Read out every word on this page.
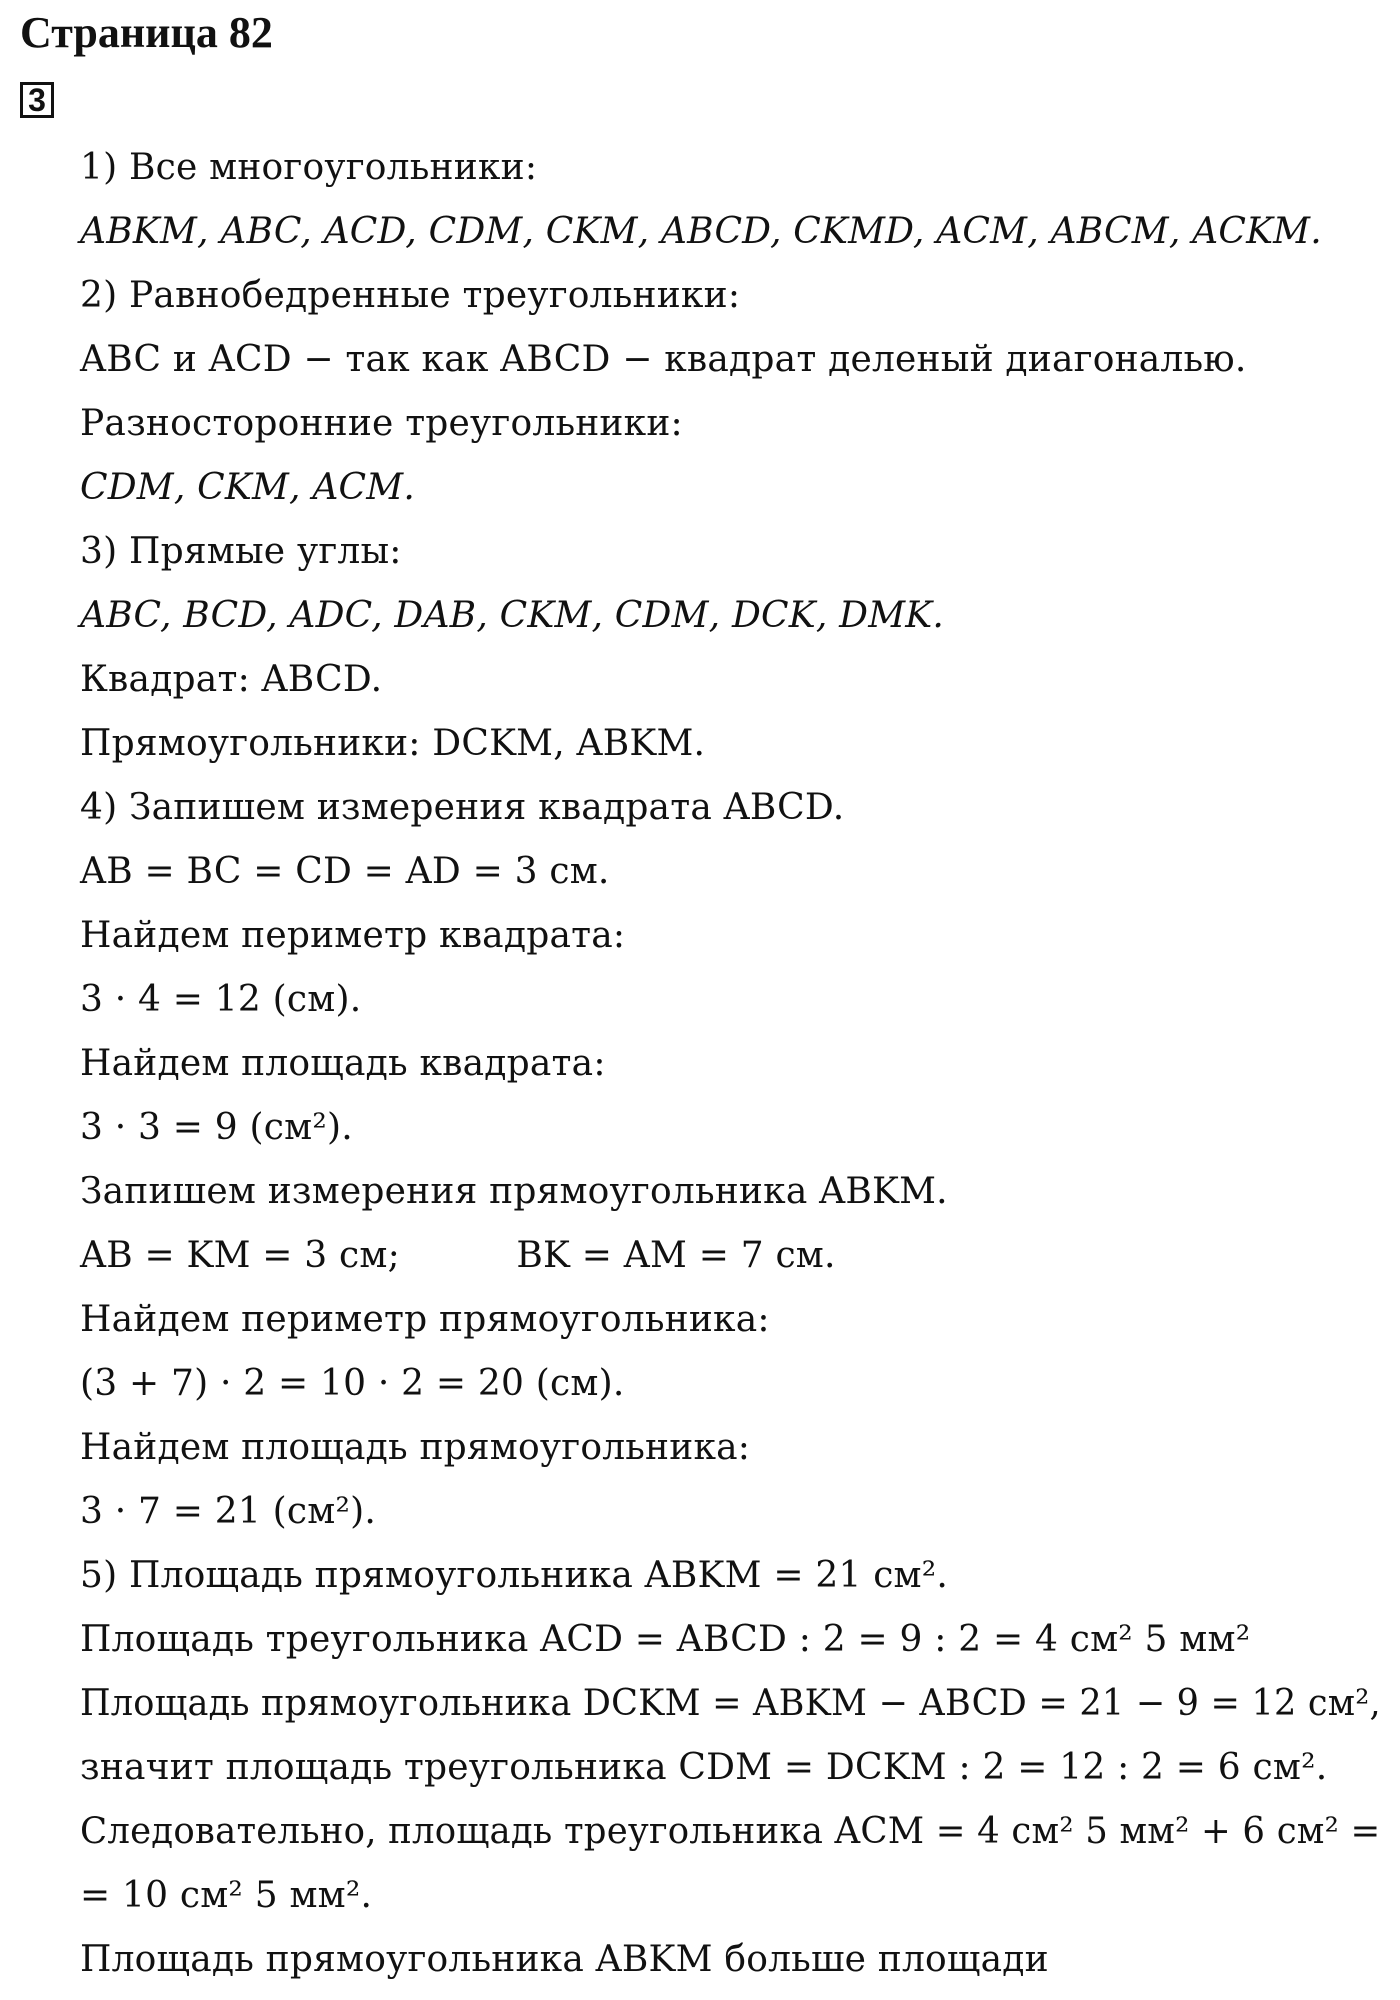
Страница 82
3
1) Все многоугольники:
ABKM, ABC, ACD, CDM, CKM, ABCD, CKMD, ACM, ABCM, ACKM.
2) Равнобедренные треугольники:
ABC и ACD − так как ABCD − квадрат деленый диагональю.
Разносторонние треугольники:
CDM, CKM, ACM.
3) Прямые углы:
ABC, BCD, ADC, DAB, CKM, CDM, DCK, DMK.
Квадрат: ABCD.
Прямоугольники: DCKM, ABKM.
4) Запишем измерения квадрата ABCD.
AB = BC = CD = AD = 3 см.
Найдем периметр квадрата:
3 · 4 = 12 (см).
Найдем площадь квадрата:
3 · 3 = 9 (см²).
Запишем измерения прямоугольника ABKM.
AB = KM = 3 см;          BK = AM = 7 см.
Найдем периметр прямоугольника:
(3 + 7) · 2 = 10 · 2 = 20 (см).
Найдем площадь прямоугольника:
3 · 7 = 21 (см²).
5) Площадь прямоугольника ABKM = 21 см².
Площадь треугольника ACD = ABCD : 2 = 9 : 2 = 4 см² 5 мм²
Площадь прямоугольника DCKM = ABKM − ABCD = 21 − 9 = 12 см²,
значит площадь треугольника CDM = DCKM : 2 = 12 : 2 = 6 см².
Следовательно, площадь треугольника ACM = 4 см² 5 мм² + 6 см² =
= 10 см² 5 мм².
Площадь прямоугольника ABKM больше площади
